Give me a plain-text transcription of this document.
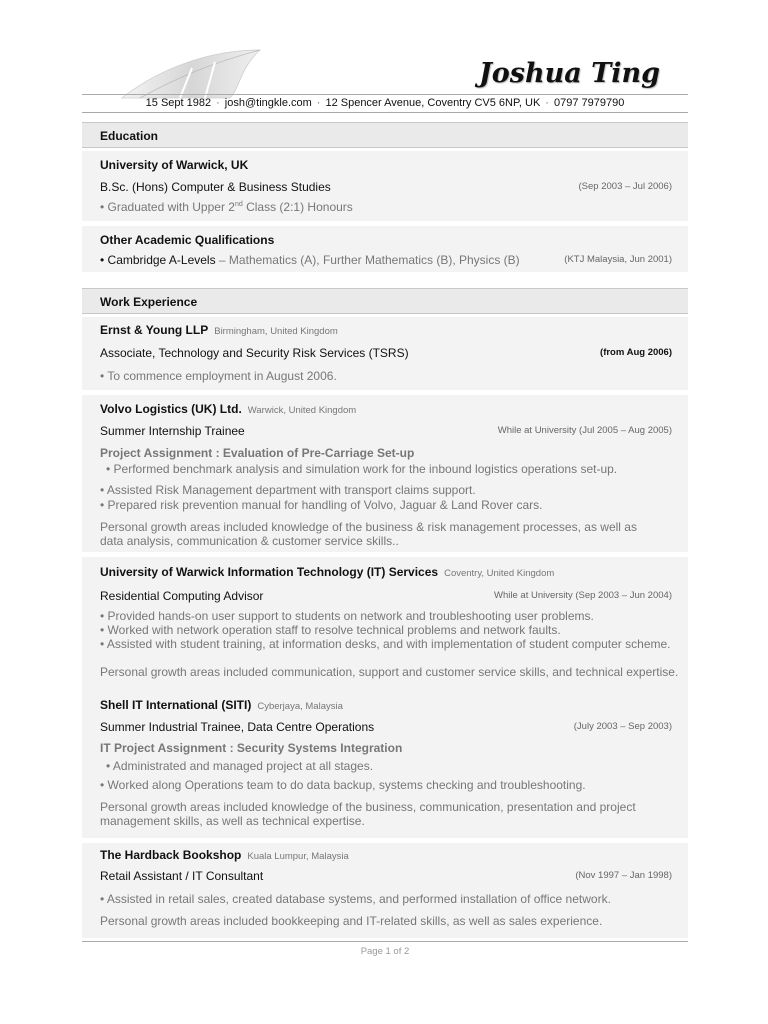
Joshua Ting
15 Sept 1982 · josh@tingkle.com · 12 Spencer Avenue, Coventry CV5 6NP, UK · 0797 7979790
Education
University of Warwick, UK
B.Sc. (Hons) Computer & Business Studies	(Sep 2003 – Jul 2006)
• Graduated with Upper 2nd Class (2:1) Honours
Other Academic Qualifications
• Cambridge A-Levels – Mathematics (A), Further Mathematics (B), Physics (B)	(KTJ Malaysia, Jun 2001)
Work Experience
Ernst & Young LLP Birmingham, United Kingdom
Associate, Technology and Security Risk Services (TSRS)	(from Aug 2006)
• To commence employment in August 2006.
Volvo Logistics (UK) Ltd. Warwick, United Kingdom
Summer Internship Trainee	While at University (Jul 2005 – Aug 2005)
Project Assignment : Evaluation of Pre-Carriage Set-up
• Performed benchmark analysis and simulation work for the inbound logistics operations set-up.
• Assisted Risk Management department with transport claims support.
• Prepared risk prevention manual for handling of Volvo, Jaguar & Land Rover cars.
Personal growth areas included knowledge of the business & risk management processes, as well as
data analysis, communication & customer service skills..
University of Warwick Information Technology (IT) Services Coventry, United Kingdom
Residential Computing Advisor	While at University (Sep 2003 – Jun 2004)
• Provided hands-on user support to students on network and troubleshooting user problems.
• Worked with network operation staff to resolve technical problems and network faults.
• Assisted with student training, at information desks, and with implementation of student computer scheme.
Personal growth areas included communication, support and customer service skills, and technical expertise.
Shell IT International (SITI) Cyberjaya, Malaysia
Summer Industrial Trainee, Data Centre Operations	(July 2003 – Sep 2003)
IT Project Assignment : Security Systems Integration
• Administrated and managed project at all stages.
• Worked along Operations team to do data backup, systems checking and troubleshooting.
Personal growth areas included knowledge of the business, communication, presentation and project
management skills, as well as technical expertise.
The Hardback Bookshop Kuala Lumpur, Malaysia
Retail Assistant / IT Consultant	(Nov 1997 – Jan 1998)
• Assisted in retail sales, created database systems, and performed installation of office network.
Personal growth areas included bookkeeping and IT-related skills, as well as sales experience.
Page 1 of 2
